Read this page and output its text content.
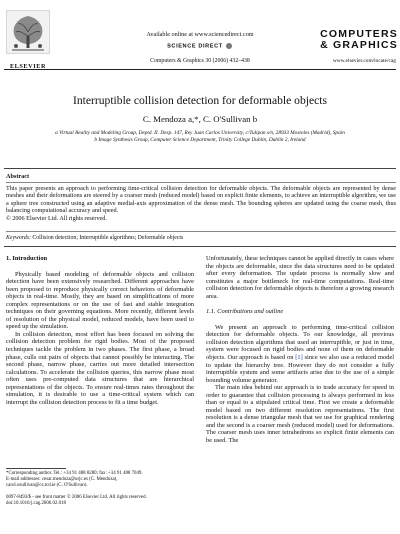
ELSEVIER
Available online at www.sciencedirect.com
SCIENCE DIRECT
Computers & Graphics 30 (2006) 432–438
COMPUTERS
& GRAPHICS
www.elsevier.com/locate/cag
Interruptible collision detection for deformable objects
C. Mendoza a,*, C. O'Sullivan b
a Virtual Reality and Modeling Group, Deptd. II. Desp. 147, Rey Juan Carlos University, c/Tulipan s/n, 28933 Mostoles (Madrid), Spain
b Image Synthesis Group, Computer Science Department, Trinity College Dublin, Dublin 2, Ireland
Abstract
This paper presents an approach to performing time-critical collision detection for deformable objects. The deformable objects are represented by dense meshes and their deformations are steered by a coarser mesh (reduced model) based on explicit finite elements, to achieve an interruptible algorithm, we use a sphere tree constructed using an adaptive medial-axis approximation of the dense mesh. The bounding spheres are updated using the coarse mesh, thus balancing computational accuracy and speed.
© 2006 Elsevier Ltd. All rights reserved.
Keywords: Collision detection; Interruptible algorithms; Deformable objects

1. Introduction

Physically based modeling of deformable objects and collision detection have been extensively researched. Different approaches have been proposed to reproduce physically correct behaviors of deformable objects in real-time. Mostly, they are based on simplifications of more complex representations or on the use of fast and stable integration techniques on their governing equations. More recently, different levels of resolution of the physical model, reduced models, have been used to speed up the simulation.

In collision detection, most effort has been focused on solving the collision detection problem for rigid bodies. Most of the proposed techniques tackle the problem in two phases. The first phase, a broad phase, culls out pairs of objects that cannot possibly be interacting. The second phase, narrow phase, carries out more detailed intersection calculations. To accelerate the collision queries, this narrow phase most often uses pre-computed data structures that are hierarchical representations of the objects. To ensure real-times rates throughout the simulation, it is desirable to use a time-critical system which can interrupt the collision detection process to fit a time budget.

Unfortunately, these techniques cannot be applied directly in cases where the objects are deformable, since the data structures need to be updated after every deformation. The update process is normally slow and constitutes a major bottleneck for real-time computations. Real-time collision detection for deformable objects is therefore a growing research area.

1.1. Contributions and outline

We present an approach to performing time-critical collision detection for deformable objects. To our knowledge, all previous collision detection algorithms that used an interruptible, or just in time, system were focused on rigid bodies and none of them on deformable objects. Our approach is based on [1] since we also use a reduced model to update the hierarchy tree. However they do not consider a fully interruptible system and some artifacts arise due to the use of a simple bounding volume generator.

The main idea behind our approach is to trade accuracy for speed in order to guarantee that collision processing is always performed in less than or equal to a stipulated critical time. First we create a deformable model based on two different resolution representations. The first resolution is a dense triangular mesh that we use for graphical rendering and the second is a coarser mesh (reduced model) used for deformations. The coarser mesh uses inner tetrahedrons so explicit finite elements can be used. The

*Corresponding author. Tel.: +34 91 488 8280; fax: +34 91 488 7049.
E-mail addresses: cesar.mendoza@urjc.es (C. Mendoza),
carol.osullivan@cs.tcd.ie (C. O'Sullivan).
0097-8493/$ - see front matter © 2006 Elsevier Ltd. All rights reserved.
doi:10.1016/j.cag.2006.02.018
